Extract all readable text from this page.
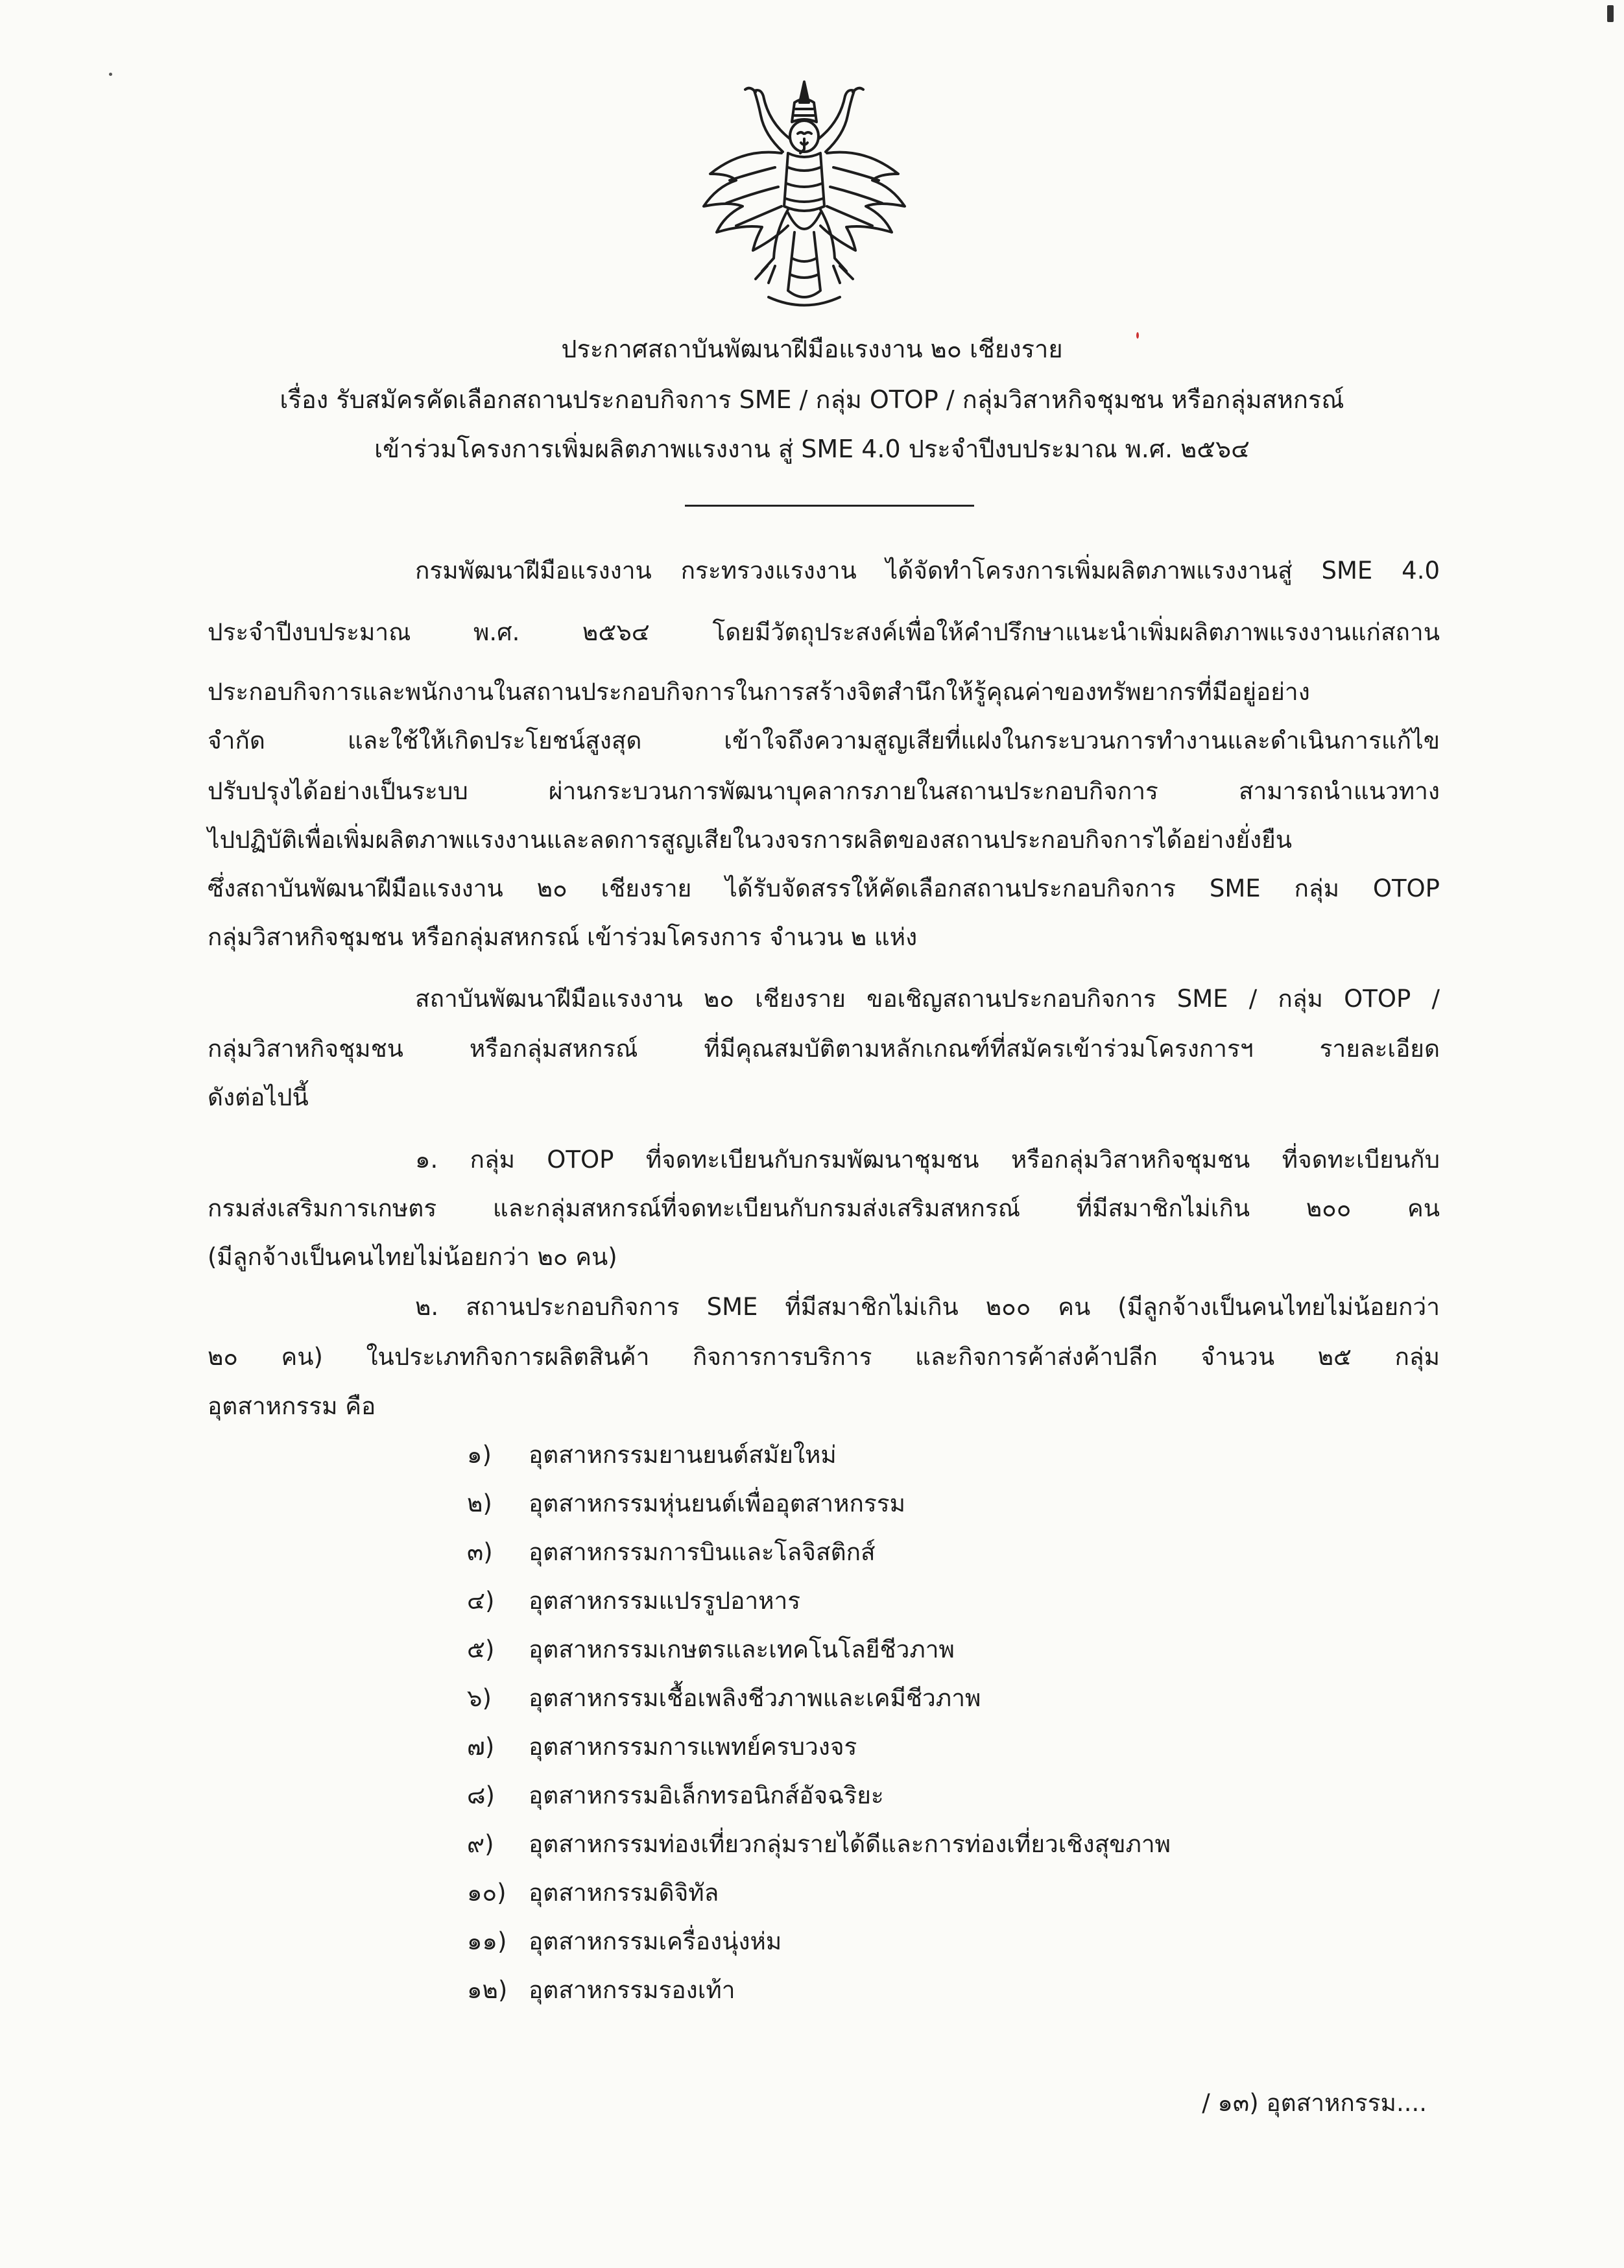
ประกาศสถาบันพัฒนาฝีมือแรงงาน ๒๐ เชียงราย
เรื่อง รับสมัครคัดเลือกสถานประกอบกิจการ SME / กลุ่ม OTOP / กลุ่มวิสาหกิจชุมชน หรือกลุ่มสหกรณ์
เข้าร่วมโครงการเพิ่มผลิตภาพแรงงาน สู่ SME 4.0 ประจำปีงบประมาณ พ.ศ. ๒๕๖๔
กรมพัฒนาฝีมือแรงงาน กระทรวงแรงงาน ได้จัดทำโครงการเพิ่มผลิตภาพแรงงานสู่ SME 4.0
ประจำปีงบประมาณ พ.ศ. ๒๕๖๔ โดยมีวัตถุประสงค์เพื่อให้คำปรึกษาแนะนำเพิ่มผลิตภาพแรงงานแก่สถาน
ประกอบกิจการและพนักงานในสถานประกอบกิจการในการสร้างจิตสำนึกให้รู้คุณค่าของทรัพยากรที่มีอยู่อย่าง
จำกัด และใช้ให้เกิดประโยชน์สูงสุด เข้าใจถึงความสูญเสียที่แฝงในกระบวนการทำงานและดำเนินการแก้ไข
ปรับปรุงได้อย่างเป็นระบบ ผ่านกระบวนการพัฒนาบุคลากรภายในสถานประกอบกิจการ สามารถนำแนวทาง
ไปปฏิบัติเพื่อเพิ่มผลิตภาพแรงงานและลดการสูญเสียในวงจรการผลิตของสถานประกอบกิจการได้อย่างยั่งยืน
ซึ่งสถาบันพัฒนาฝีมือแรงงาน ๒๐ เชียงราย ได้รับจัดสรรให้คัดเลือกสถานประกอบกิจการ SME กลุ่ม OTOP
กลุ่มวิสาหกิจชุมชน หรือกลุ่มสหกรณ์ เข้าร่วมโครงการ จำนวน ๒ แห่ง
สถาบันพัฒนาฝีมือแรงงาน ๒๐ เชียงราย ขอเชิญสถานประกอบกิจการ SME / กลุ่ม OTOP /
กลุ่มวิสาหกิจชุมชน หรือกลุ่มสหกรณ์ ที่มีคุณสมบัติตามหลักเกณฑ์ที่สมัครเข้าร่วมโครงการฯ รายละเอียด
ดังต่อไปนี้
๑. กลุ่ม OTOP ที่จดทะเบียนกับกรมพัฒนาชุมชน หรือกลุ่มวิสาหกิจชุมชน ที่จดทะเบียนกับ
กรมส่งเสริมการเกษตร และกลุ่มสหกรณ์ที่จดทะเบียนกับกรมส่งเสริมสหกรณ์ ที่มีสมาชิกไม่เกิน ๒๐๐ คน
(มีลูกจ้างเป็นคนไทยไม่น้อยกว่า ๒๐ คน)
๒. สถานประกอบกิจการ SME ที่มีสมาชิกไม่เกิน ๒๐๐ คน (มีลูกจ้างเป็นคนไทยไม่น้อยกว่า
๒๐ คน) ในประเภทกิจการผลิตสินค้า กิจการการบริการ และกิจการค้าส่งค้าปลีก จำนวน ๒๕ กลุ่ม
อุตสาหกรรม คือ
๑) อุตสาหกรรมยานยนต์สมัยใหม่
๒) อุตสาหกรรมหุ่นยนต์เพื่ออุตสาหกรรม
๓) อุตสาหกรรมการบินและโลจิสติกส์
๔) อุตสาหกรรมแปรรูปอาหาร
๕) อุตสาหกรรมเกษตรและเทคโนโลยีชีวภาพ
๖) อุตสาหกรรมเชื้อเพลิงชีวภาพและเคมีชีวภาพ
๗) อุตสาหกรรมการแพทย์ครบวงจร
๘) อุตสาหกรรมอิเล็กทรอนิกส์อัจฉริยะ
๙) อุตสาหกรรมท่องเที่ยวกลุ่มรายได้ดีและการท่องเที่ยวเชิงสุขภาพ
๑๐) อุตสาหกรรมดิจิทัล
๑๑) อุตสาหกรรมเครื่องนุ่งห่ม
๑๒) อุตสาหกรรมรองเท้า
/ ๑๓) อุตสาหกรรม....
